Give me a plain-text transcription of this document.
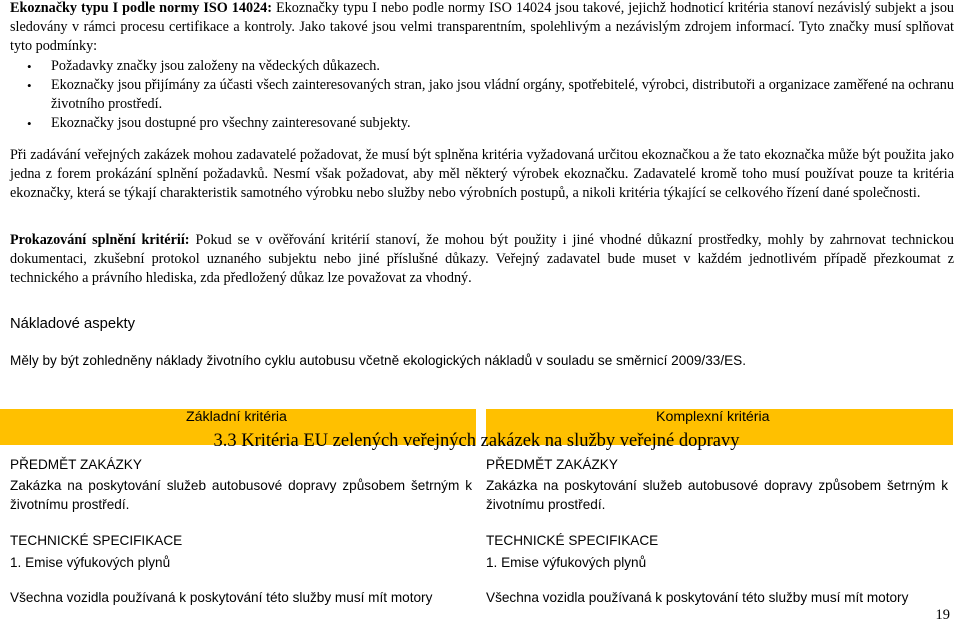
Ekoznačky typu I podle normy ISO 14024: Ekoznačky typu I nebo podle normy ISO 14024 jsou takové, jejichž hodnoticí kritéria stanoví nezávislý subjekt a jsou sledovány v rámci procesu certifikace a kontroly. Jako takové jsou velmi transparentním, spolehlivým a nezávislým zdrojem informací. Tyto značky musí splňovat tyto podmínky:

• Požadavky značky jsou založeny na vědeckých důkazech.
• Ekoznačky jsou přijímány za účasti všech zainteresovaných stran, jako jsou vládní orgány, spotřebitelé, výrobci, distributoři a organizace zaměřené na ochranu životního prostředí.
• Ekoznačky jsou dostupné pro všechny zainteresované subjekty.

Při zadávání veřejných zakázek mohou zadavatelé požadovat, že musí být splněna kritéria vyžadovaná určitou ekoznačkou a že tato ekoznačka může být použita jako jedna z forem prokázání splnění požadavků. Nesmí však požadovat, aby měl některý výrobek ekoznačku. Zadavatelé kromě toho musí používat pouze ta kritéria ekoznačky, která se týkají charakteristik samotného výrobku nebo služby nebo výrobních postupů, a nikoli kritéria týkající se celkového řízení dané společnosti.

Prokazování splnění kritérií: Pokud se v ověřování kritérií stanoví, že mohou být použity i jiné vhodné důkazní prostředky, mohly by zahrnovat technickou dokumentaci, zkušební protokol uznaného subjektu nebo jiné příslušné důkazy. Veřejný zadavatel bude muset v každém jednotlivém případě přezkoumat z technického a právního hlediska, zda předložený důkaz lze považovat za vhodný.

Nákladové aspekty

Měly by být zohledněny náklady životního cyklu autobusu včetně ekologických nákladů v souladu se směrnicí 2009/33/ES.

Základní kritéria	Komplexní kritéria
3.3 Kritéria EU zelených veřejných zakázek na služby veřejné dopravy
PŘEDMĚT ZAKÁZKY
Zakázka na poskytování služeb autobusové dopravy způsobem šetrným k životnímu prostředí.
TECHNICKÉ SPECIFIKACE
1. Emise výfukových plynů
Všechna vozidla používaná k poskytování této služby musí mít motory
PŘEDMĚT ZAKÁZKY
Zakázka na poskytování služeb autobusové dopravy způsobem šetrným k životnímu prostředí.
TECHNICKÉ SPECIFIKACE
1. Emise výfukových plynů
Všechna vozidla používaná k poskytování této služby musí mít motory
19
